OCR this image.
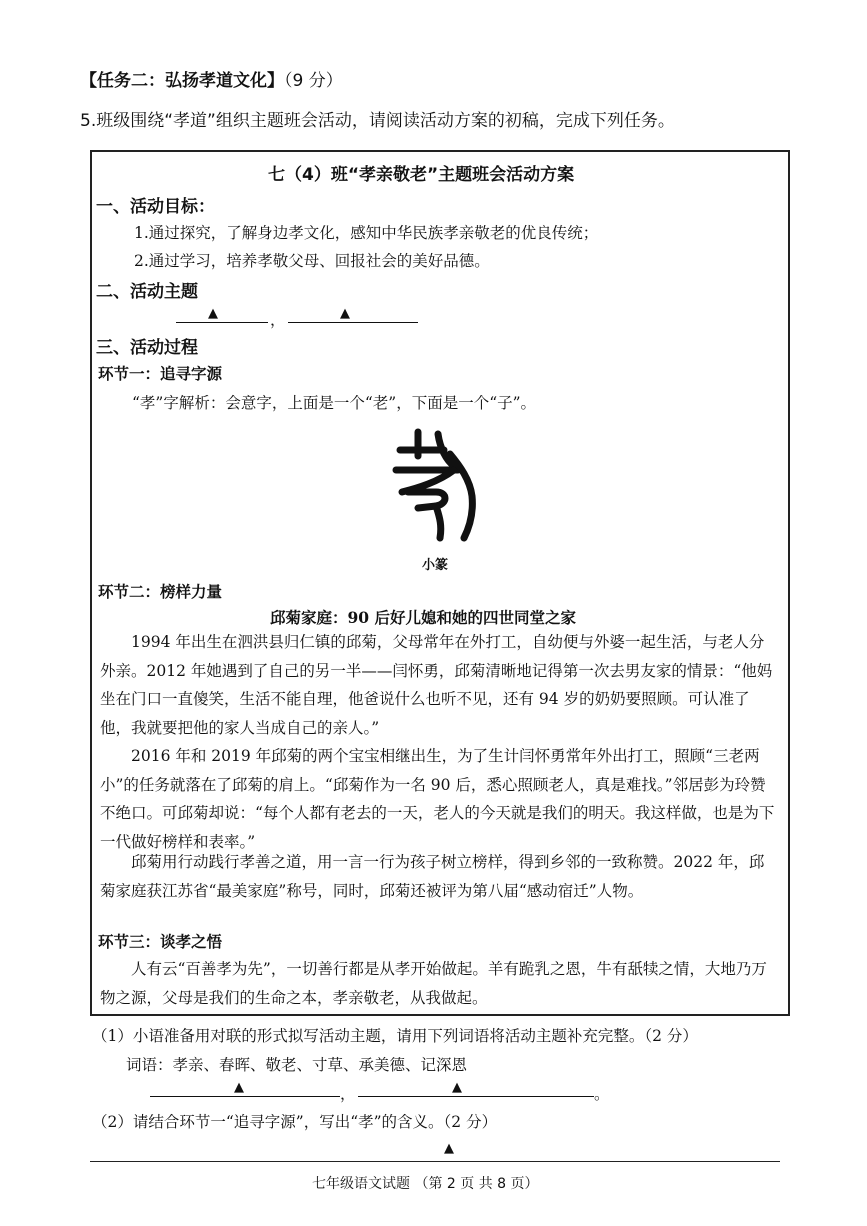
【任务二：弘扬孝道文化】（9 分）
5.班级围绕“孝道”组织主题班会活动，请阅读活动方案的初稿，完成下列任务。
七（4）班“孝亲敬老”主题班会活动方案
一、活动目标：
1.通过探究，了解身边孝文化，感知中华民族孝亲敬老的优良传统；
2.通过学习，培养孝敬父母、回报社会的美好品德。
二、活动主题
▲	，	▲
三、活动过程
环节一：追寻字源
“孝”字解析：会意字，上面是一个“老”，下面是一个“子”。
小篆
环节二：榜样力量
邱菊家庭：90 后好儿媳和她的四世同堂之家
1994 年出生在泗洪县归仁镇的邱菊，父母常年在外打工，自幼便与外婆一起生活，与老人分外亲。2012 年她遇到了自己的另一半——闫怀勇，邱菊清晰地记得第一次去男友家的情景：“他妈坐在门口一直傻笑，生活不能自理，他爸说什么也听不见，还有 94 岁的奶奶要照顾。可认准了他，我就要把他的家人当成自己的亲人。”
2016 年和 2019 年邱菊的两个宝宝相继出生，为了生计闫怀勇常年外出打工，照顾“三老两小”的任务就落在了邱菊的肩上。“邱菊作为一名 90 后，悉心照顾老人，真是难找。”邻居彭为玲赞不绝口。可邱菊却说：“每个人都有老去的一天，老人的今天就是我们的明天。我这样做，也是为下一代做好榜样和表率。”
邱菊用行动践行孝善之道，用一言一行为孩子树立榜样，得到乡邻的一致称赞。2022 年，邱菊家庭获江苏省“最美家庭”称号，同时，邱菊还被评为第八届“感动宿迁”人物。
环节三：谈孝之悟
人有云“百善孝为先”，一切善行都是从孝开始做起。羊有跪乳之恩，牛有舐犊之情，大地乃万物之源，父母是我们的生命之本，孝亲敬老，从我做起。
（1）小语准备用对联的形式拟写活动主题，请用下列词语将活动主题补充完整。（2 分）
词语：孝亲、春晖、敬老、寸草、承美德、记深恩
▲	，	▲	。
（2）请结合环节一“追寻字源”，写出“孝”的含义。（2 分）
▲
七年级语文试题 （第 2 页 共 8 页）
